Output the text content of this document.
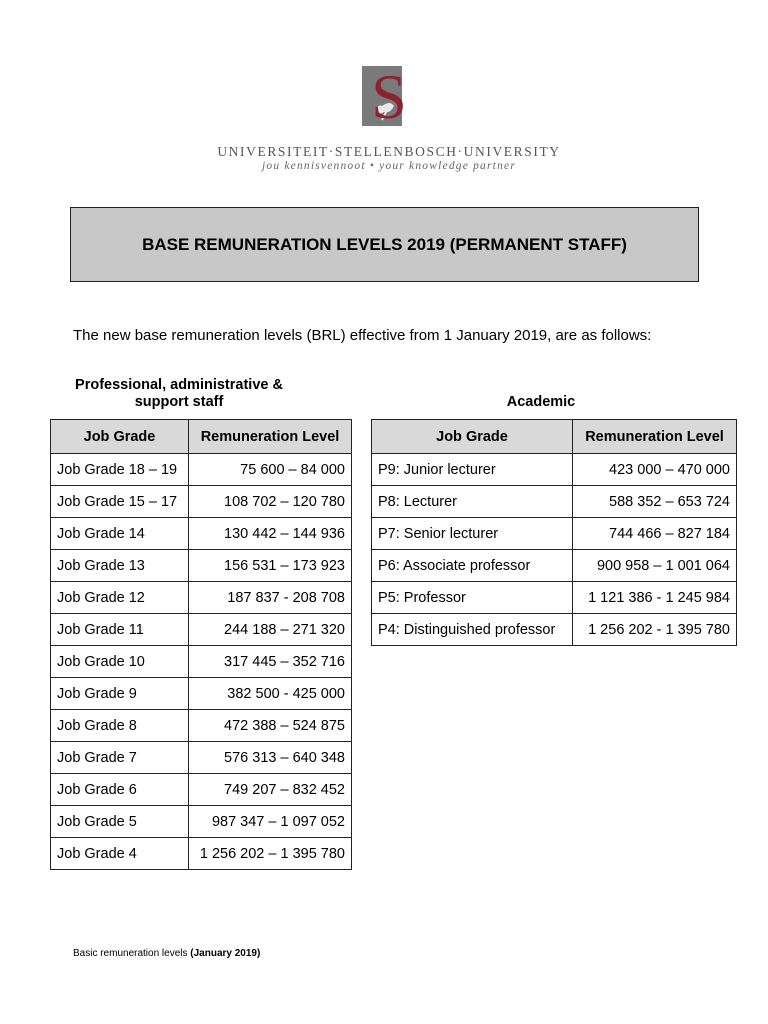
S
UNIVERSITEIT·STELLENBOSCH·UNIVERSITY
jou kennisvennoot • your knowledge partner
BASE REMUNERATION LEVELS 2019 (PERMANENT STAFF)
The new base remuneration levels (BRL) effective from 1 January 2019, are as follows:
Professional, administrative & support staff	Academic
Job Grade	Remuneration Level
Job Grade 18 – 19	75 600 – 84 000
Job Grade 15 – 17	108 702 – 120 780
Job Grade 14	130 442 – 144 936
Job Grade 13	156 531 – 173 923
Job Grade 12	187 837 - 208 708
Job Grade 11	244 188 – 271 320
Job Grade 10	317 445 – 352 716
Job Grade 9	382 500 - 425 000
Job Grade 8	472 388 – 524 875
Job Grade 7	576 313 – 640 348
Job Grade 6	749 207 – 832 452
Job Grade 5	987 347 – 1 097 052
Job Grade 4	1 256 202 – 1 395 780
Job Grade	Remuneration Level
P9: Junior lecturer	423 000 – 470 000
P8: Lecturer	588 352 – 653 724
P7: Senior lecturer	744 466 – 827 184
P6: Associate professor	900 958 – 1 001 064
P5: Professor	1 121 386 - 1 245 984
P4: Distinguished professor	1 256 202 - 1 395 780
Basic remuneration levels (January 2019)
